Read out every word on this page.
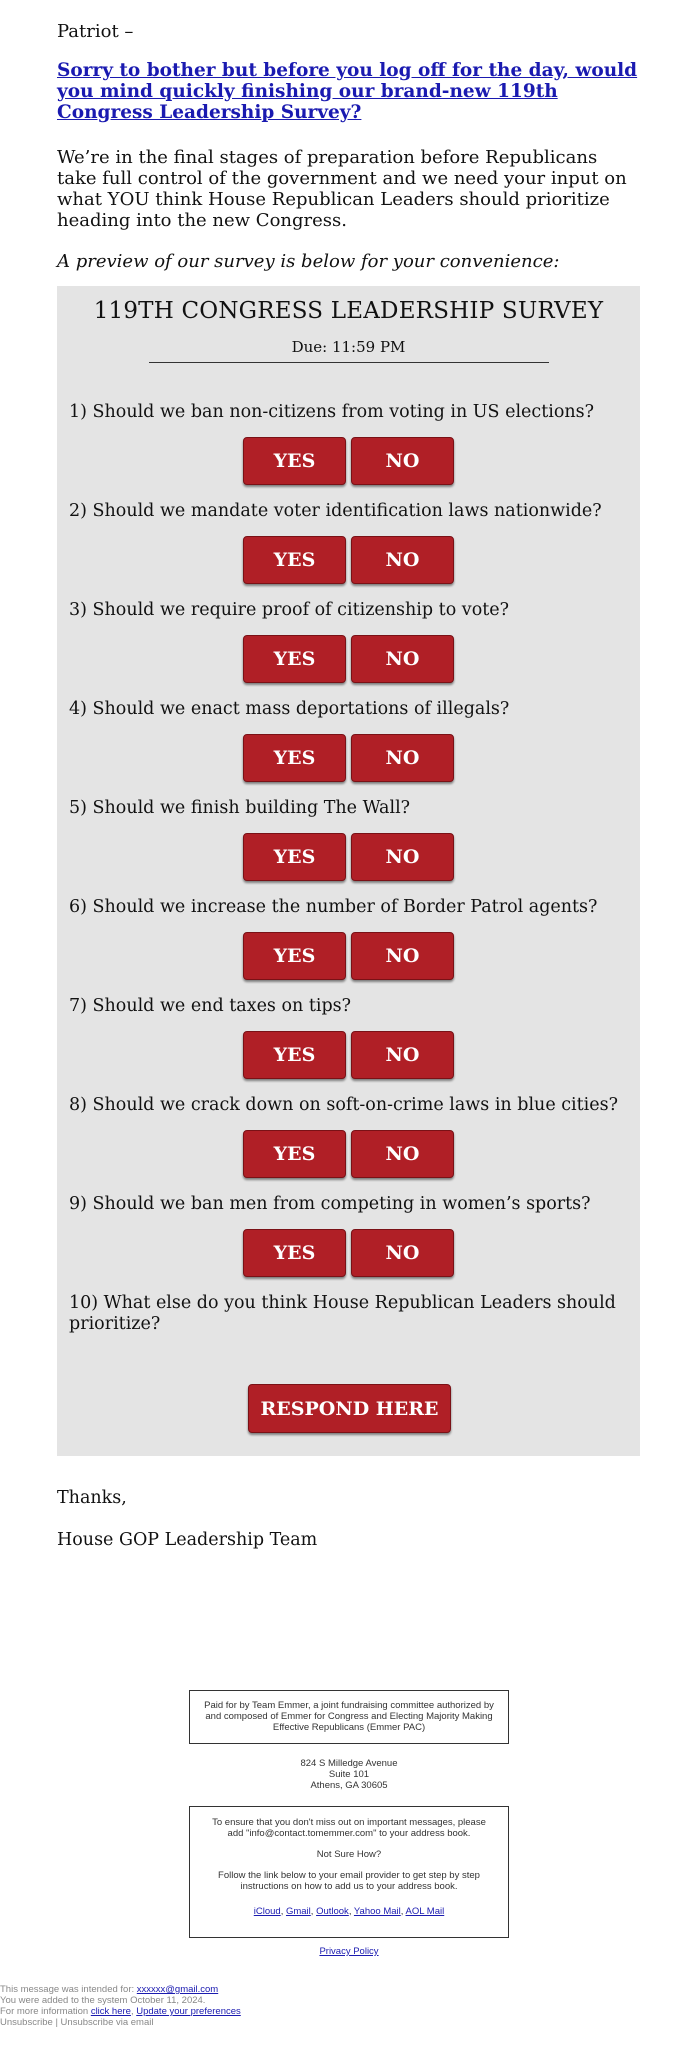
Patriot –

Sorry to bother but before you log off for the day, would you mind quickly finishing our brand-new 119th Congress Leadership Survey?

We’re in the final stages of preparation before Republicans take full control of the government and we need your input on what YOU think House Republican Leaders should prioritize heading into the new Congress.

A preview of our survey is below for your convenience:

119TH CONGRESS LEADERSHIP SURVEY
Due: 11:59 PM
1) Should we ban non-citizens from voting in US elections?
YES	NO
2) Should we mandate voter identification laws nationwide?
YES	NO
3) Should we require proof of citizenship to vote?
YES	NO
4) Should we enact mass deportations of illegals?
YES	NO
5) Should we finish building The Wall?
YES	NO
6) Should we increase the number of Border Patrol agents?
YES	NO
7) Should we end taxes on tips?
YES	NO
8) Should we crack down on soft-on-crime laws in blue cities?
YES	NO
9) Should we ban men from competing in women’s sports?
YES	NO
10) What else do you think House Republican Leaders should prioritize?
RESPOND HERE
Thanks,
House GOP Leadership Team
Paid for by Team Emmer, a joint fundraising committee authorized by and composed of Emmer for Congress and Electing Majority Making Effective Republicans (Emmer PAC)
824 S Milledge Avenue
Suite 101
Athens, GA 30605

To ensure that you don't miss out on important messages, please add "info@contact.tomemmer.com" to your address book.

Not Sure How?

Follow the link below to your email provider to get step by step instructions on how to add us to your address book.

iCloud, Gmail, Outlook, Yahoo Mail, AOL Mail

Privacy Policy
This message was intended for: xxxxxx@gmail.com
You were added to the system October 11, 2024.
For more information click here, Update your preferences
Unsubscribe | Unsubscribe via email
